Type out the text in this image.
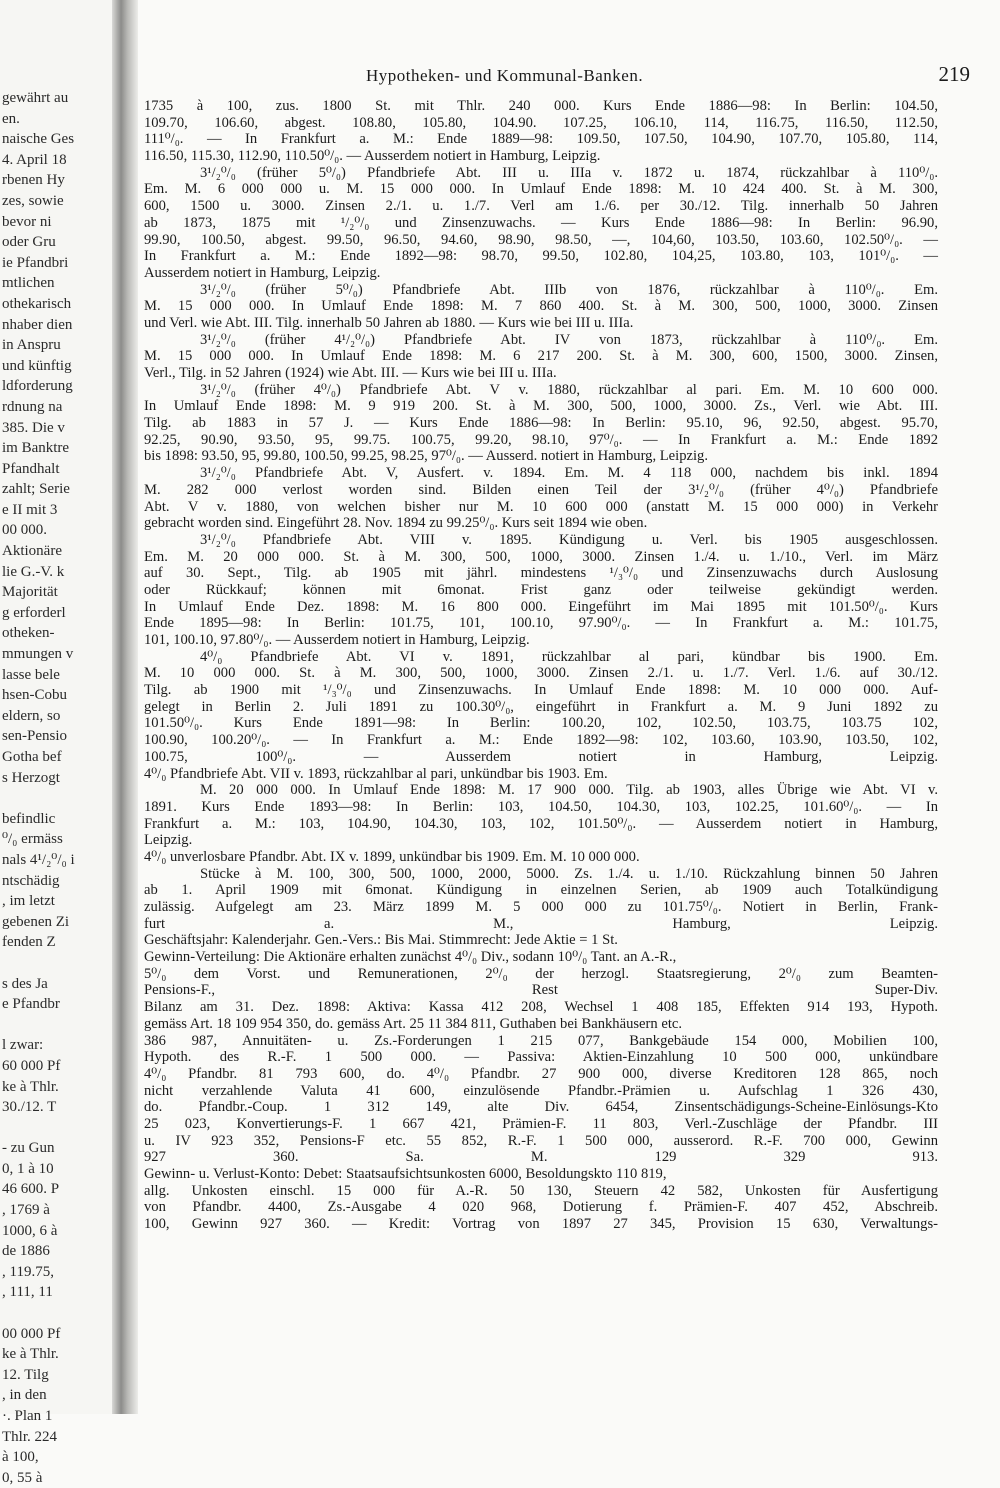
gewährt au
en.
naische Ges
4. April 18
rbenen Hy
zes, sowie
bevor ni
oder Gru
ie Pfandbri
mtlichen
othekarisch
nhaber dien
in Anspru
und künftig
ldforderung
rdnung na
385. Die v
im Banktre
Pfandhalt
zahlt; Serie
e II mit 3
00 000.
Aktionäre
lie G.-V. k
Majorität
g erforderl
otheken-
mmungen v
lasse bele
hsen-Cobu
eldern, so
sen-Pensio
Gotha bef
s Herzogt
befindlic
⁰/₀ ermäss
nals 4¹/₂⁰/₀ i
ntschädig
, im letzt
gebenen Zi
fenden Z
s des Ja
e Pfandbr
l zwar:
60 000 Pf
ke à Thlr.
30./12. T
- zu Gun
0, 1 à 10
46 600. P
, 1769 à
1000, 6 à
de 1886
, 119.75,
, 111, 11
00 000 Pf
ke à Thlr.
12. Tilg
, in den
·. Plan 1
Thlr. 224
à 100,
0, 55 à
Hypotheken- und Kommunal-Banken.	219
1735 à 100, zus. 1800 St. mit Thlr. 240 000. Kurs Ende 1886—98: In Berlin: 104.50,
109.70, 106.60, abgest. 108.80, 105.80, 104.90. 107.25, 106.10, 114, 116.75, 116.50, 112.50,
111⁰/₀. — In Frankfurt a. M.: Ende 1889—98: 109.50, 107.50, 104.90, 107.70, 105.80, 114,
116.50, 115.30, 112.90, 110.50⁰/₀. — Ausserdem notiert in Hamburg, Leipzig.
3¹/₂⁰/₀ (früher 5⁰/₀) Pfandbriefe Abt. III u. IIIa v. 1872 u. 1874, rückzahlbar à 110⁰/₀.
Em. M. 6 000 000 u. M. 15 000 000. In Umlauf Ende 1898: M. 10 424 400. St. à M. 300,
600, 1500 u. 3000. Zinsen 2./1. u. 1./7. Verl am 1./6. per 30./12. Tilg. innerhalb 50 Jahren
ab 1873, 1875 mit ¹/₂⁰/₀ und Zinsenzuwachs. — Kurs Ende 1886—98: In Berlin: 96.90,
99.90, 100.50, abgest. 99.50, 96.50, 94.60, 98.90, 98.50, —, 104,60, 103.50, 103.60, 102.50⁰/₀. —
In Frankfurt a. M.: Ende 1892—98: 98.70, 99.50, 102.80, 104,25, 103.80, 103, 101⁰/₀. —
Ausserdem notiert in Hamburg, Leipzig.
3¹/₂⁰/₀ (früher 5⁰/₀) Pfandbriefe Abt. IIIb von 1876, rückzahlbar à 110⁰/₀. Em.
M. 15 000 000. In Umlauf Ende 1898: M. 7 860 400. St. à M. 300, 500, 1000, 3000. Zinsen
und Verl. wie Abt. III. Tilg. innerhalb 50 Jahren ab 1880. — Kurs wie bei III u. IIIa.
3¹/₂⁰/₀ (früher 4¹/₂⁰/₀) Pfandbriefe Abt. IV von 1873, rückzahlbar à 110⁰/₀. Em.
M. 15 000 000. In Umlauf Ende 1898: M. 6 217 200. St. à M. 300, 600, 1500, 3000. Zinsen,
Verl., Tilg. in 52 Jahren (1924) wie Abt. III. — Kurs wie bei III u. IIIa.
3¹/₂⁰/₀ (früher 4⁰/₀) Pfandbriefe Abt. V v. 1880, rückzahlbar al pari. Em. M. 10 600 000.
In Umlauf Ende 1898: M. 9 919 200. St. à M. 300, 500, 1000, 3000. Zs., Verl. wie Abt. III.
Tilg. ab 1883 in 57 J. — Kurs Ende 1886—98: In Berlin: 95.10, 96, 92.50, abgest. 95.70,
92.25, 90.90, 93.50, 95, 99.75. 100.75, 99.20, 98.10, 97⁰/₀. — In Frankfurt a. M.: Ende 1892
bis 1898: 93.50, 95, 99.80, 100.50, 99.25, 98.25, 97⁰/₀. — Ausserd. notiert in Hamburg, Leipzig.
3¹/₂⁰/₀ Pfandbriefe Abt. V, Ausfert. v. 1894. Em. M. 4 118 000, nachdem bis inkl. 1894
M. 282 000 verlost worden sind. Bilden einen Teil der 3¹/₂⁰/₀ (früher 4⁰/₀) Pfandbriefe
Abt. V v. 1880, von welchen bisher nur M. 10 600 000 (anstatt M. 15 000 000) in Verkehr
gebracht worden sind. Eingeführt 28. Nov. 1894 zu 99.25⁰/₀. Kurs seit 1894 wie oben.
3¹/₂⁰/₀ Pfandbriefe Abt. VIII v. 1895. Kündigung u. Verl. bis 1905 ausgeschlossen.
Em. M. 20 000 000. St. à M. 300, 500, 1000, 3000. Zinsen 1./4. u. 1./10., Verl. im März
auf 30. Sept., Tilg. ab 1905 mit jährl. mindestens ¹/₃⁰/₀ und Zinsenzuwachs durch Auslosung
oder Rückkauf; können mit 6monat. Frist ganz oder teilweise gekündigt werden.
In Umlauf Ende Dez. 1898: M. 16 800 000. Eingeführt im Mai 1895 mit 101.50⁰/₀. Kurs
Ende 1895—98: In Berlin: 101.75, 101, 100.10, 97.90⁰/₀. — In Frankfurt a. M.: 101.75,
101, 100.10, 97.80⁰/₀. — Ausserdem notiert in Hamburg, Leipzig.
4⁰/₀ Pfandbriefe Abt. VI v. 1891, rückzahlbar al pari, kündbar bis 1900. Em.
M. 10 000 000. St. à M. 300, 500, 1000, 3000. Zinsen 2./1. u. 1./7. Verl. 1./6. auf 30./12.
Tilg. ab 1900 mit ¹/₃⁰/₀ und Zinsenzuwachs. In Umlauf Ende 1898: M. 10 000 000. Auf-
gelegt in Berlin 2. Juli 1891 zu 100.30⁰/₀, eingeführt in Frankfurt a. M. 9 Juni 1892 zu
101.50⁰/₀. Kurs Ende 1891—98: In Berlin: 100.20, 102, 102.50, 103.75, 103.75 102,
100.90, 100.20⁰/₀. — In Frankfurt a. M.: Ende 1892—98: 102, 103.60, 103.90, 103.50, 102,
100.75, 100⁰/₀. — Ausserdem notiert in Hamburg, Leipzig.
4⁰/₀ Pfandbriefe Abt. VII v. 1893, rückzahlbar al pari, unkündbar bis 1903. Em.
M. 20 000 000. In Umlauf Ende 1898: M. 17 900 000. Tilg. ab 1903, alles Übrige wie Abt. VI v.
1891. Kurs Ende 1893—98: In Berlin: 103, 104.50, 104.30, 103, 102.25, 101.60⁰/₀. — In
Frankfurt a. M.: 103, 104.90, 104.30, 103, 102, 101.50⁰/₀. — Ausserdem notiert in Hamburg,
Leipzig.
4⁰/₀ unverlosbare Pfandbr. Abt. IX v. 1899, unkündbar bis 1909. Em. M. 10 000 000.
Stücke à M. 100, 300, 500, 1000, 2000, 5000. Zs. 1./4. u. 1./10. Rückzahlung binnen 50 Jahren
ab 1. April 1909 mit 6monat. Kündigung in einzelnen Serien, ab 1909 auch Totalkündigung
zulässig. Aufgelegt am 23. März 1899 M. 5 000 000 zu 101.75⁰/₀. Notiert in Berlin, Frank-
furt a. M., Hamburg, Leipzig.
Geschäftsjahr: Kalenderjahr. Gen.-Vers.: Bis Mai. Stimmrecht: Jede Aktie = 1 St.
Gewinn-Verteilung: Die Aktionäre erhalten zunächst 4⁰/₀ Div., sodann 10⁰/₀ Tant. an A.-R.,
5⁰/₀ dem Vorst. und Remunerationen, 2⁰/₀ der herzogl. Staatsregierung, 2⁰/₀ zum Beamten-
Pensions-F., Rest Super-Div.
Bilanz am 31. Dez. 1898: Aktiva: Kassa 412 208, Wechsel 1 408 185, Effekten 914 193, Hypoth.
gemäss Art. 18 109 954 350, do. gemäss Art. 25 11 384 811, Guthaben bei Bankhäusern etc.
386 987, Annuitäten- u. Zs.-Forderungen 1 215 077, Bankgebäude 154 000, Mobilien 100,
Hypoth. des R.-F. 1 500 000. — Passiva: Aktien-Einzahlung 10 500 000, unkündbare
4⁰/₀ Pfandbr. 81 793 600, do. 4⁰/₀ Pfandbr. 27 900 000, diverse Kreditoren 128 865, noch
nicht verzahlende Valuta 41 600, einzulösende Pfandbr.-Prämien u. Aufschlag 1 326 430,
do. Pfandbr.-Coup. 1 312 149, alte Div. 6454, Zinsentschädigungs-Scheine-Einlösungs-Kto
25 023, Konvertierungs-F. 1 667 421, Prämien-F. 11 803, Verl.-Zuschläge der Pfandbr. III
u. IV 923 352, Pensions-F etc. 55 852, R.-F. 1 500 000, ausserord. R.-F. 700 000, Gewinn
927 360. Sa. M. 129 329 913.
Gewinn- u. Verlust-Konto: Debet: Staatsaufsichtsunkosten 6000, Besoldungskto 110 819,
allg. Unkosten einschl. 15 000 für A.-R. 50 130, Steuern 42 582, Unkosten für Ausfertigung
von Pfandbr. 4400, Zs.-Ausgabe 4 020 968, Dotierung f. Prämien-F. 407 452, Abschreib.
100, Gewinn 927 360. — Kredit: Vortrag von 1897 27 345, Provision 15 630, Verwaltungs-
